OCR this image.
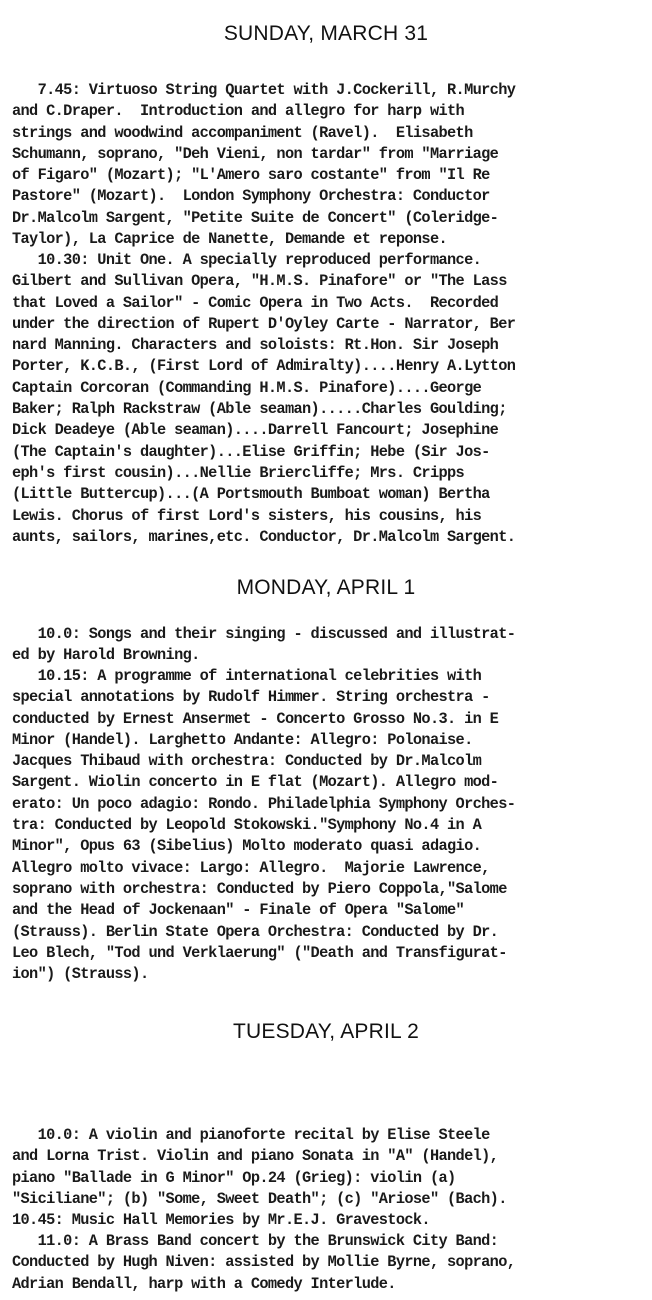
SUNDAY, MARCH 31

7.45: Virtuoso String Quartet with J.Cockerill, R.Murchy
and C.Draper.  Introduction and allegro for harp with
strings and woodwind accompaniment (Ravel).  Elisabeth
Schumann, soprano, "Deh Vieni, non tardar" from "Marriage
of Figaro" (Mozart); "L'Amero saro costante" from "Il Re
Pastore" (Mozart).  London Symphony Orchestra: Conductor
Dr.Malcolm Sargent, "Petite Suite de Concert" (Coleridge-
Taylor), La Caprice de Nanette, Demande et reponse.

10.30: Unit One. A specially reproduced performance.
Gilbert and Sullivan Opera, "H.M.S. Pinafore" or "The Lass
that Loved a Sailor" - Comic Opera in Two Acts.  Recorded
under the direction of Rupert D'Oyley Carte - Narrator, Ber
nard Manning. Characters and soloists: Rt.Hon. Sir Joseph
Porter, K.C.B., (First Lord of Admiralty)....Henry A.Lytton
Captain Corcoran (Commanding H.M.S. Pinafore)....George
Baker; Ralph Rackstraw (Able seaman).....Charles Goulding;
Dick Deadeye (Able seaman)....Darrell Fancourt; Josephine
(The Captain's daughter)...Elise Griffin; Hebe (Sir Jos-
eph's first cousin)...Nellie Briercliffe; Mrs. Cripps
(Little Buttercup)...(A Portsmouth Bumboat woman) Bertha
Lewis. Chorus of first Lord's sisters, his cousins, his
aunts, sailors, marines,etc. Conductor, Dr.Malcolm Sargent.

MONDAY, APRIL 1

10.0: Songs and their singing - discussed and illustrat-
ed by Harold Browning.

10.15: A programme of international celebrities with
special annotations by Rudolf Himmer. String orchestra -
conducted by Ernest Ansermet - Concerto Grosso No.3. in E
Minor (Handel). Larghetto Andante: Allegro: Polonaise.
Jacques Thibaud with orchestra: Conducted by Dr.Malcolm
Sargent. Wiolin concerto in E flat (Mozart). Allegro mod-
erato: Un poco adagio: Rondo. Philadelphia Symphony Orches-
tra: Conducted by Leopold Stokowski."Symphony No.4 in A
Minor", Opus 63 (Sibelius) Molto moderato quasi adagio.
Allegro molto vivace: Largo: Allegro.  Majorie Lawrence,
soprano with orchestra: Conducted by Piero Coppola,"Salome
and the Head of Jockenaan" - Finale of Opera "Salome"
(Strauss). Berlin State Opera Orchestra: Conducted by Dr.
Leo Blech, "Tod und Verklaerung" ("Death and Transfigurat-
ion") (Strauss).

TUESDAY, APRIL 2

10.0: A violin and pianoforte recital by Elise Steele
and Lorna Trist. Violin and piano Sonata in "A" (Handel),
piano "Ballade in G Minor" Op.24 (Grieg): violin (a)
"Siciliane"; (b) "Some, Sweet Death"; (c) "Ariose" (Bach).

10.45: Music Hall Memories by Mr.E.J. Gravestock.

11.0: A Brass Band concert by the Brunswick City Band:
Conducted by Hugh Niven: assisted by Mollie Byrne, soprano,
Adrian Bendall, harp with a Comedy Interlude.
